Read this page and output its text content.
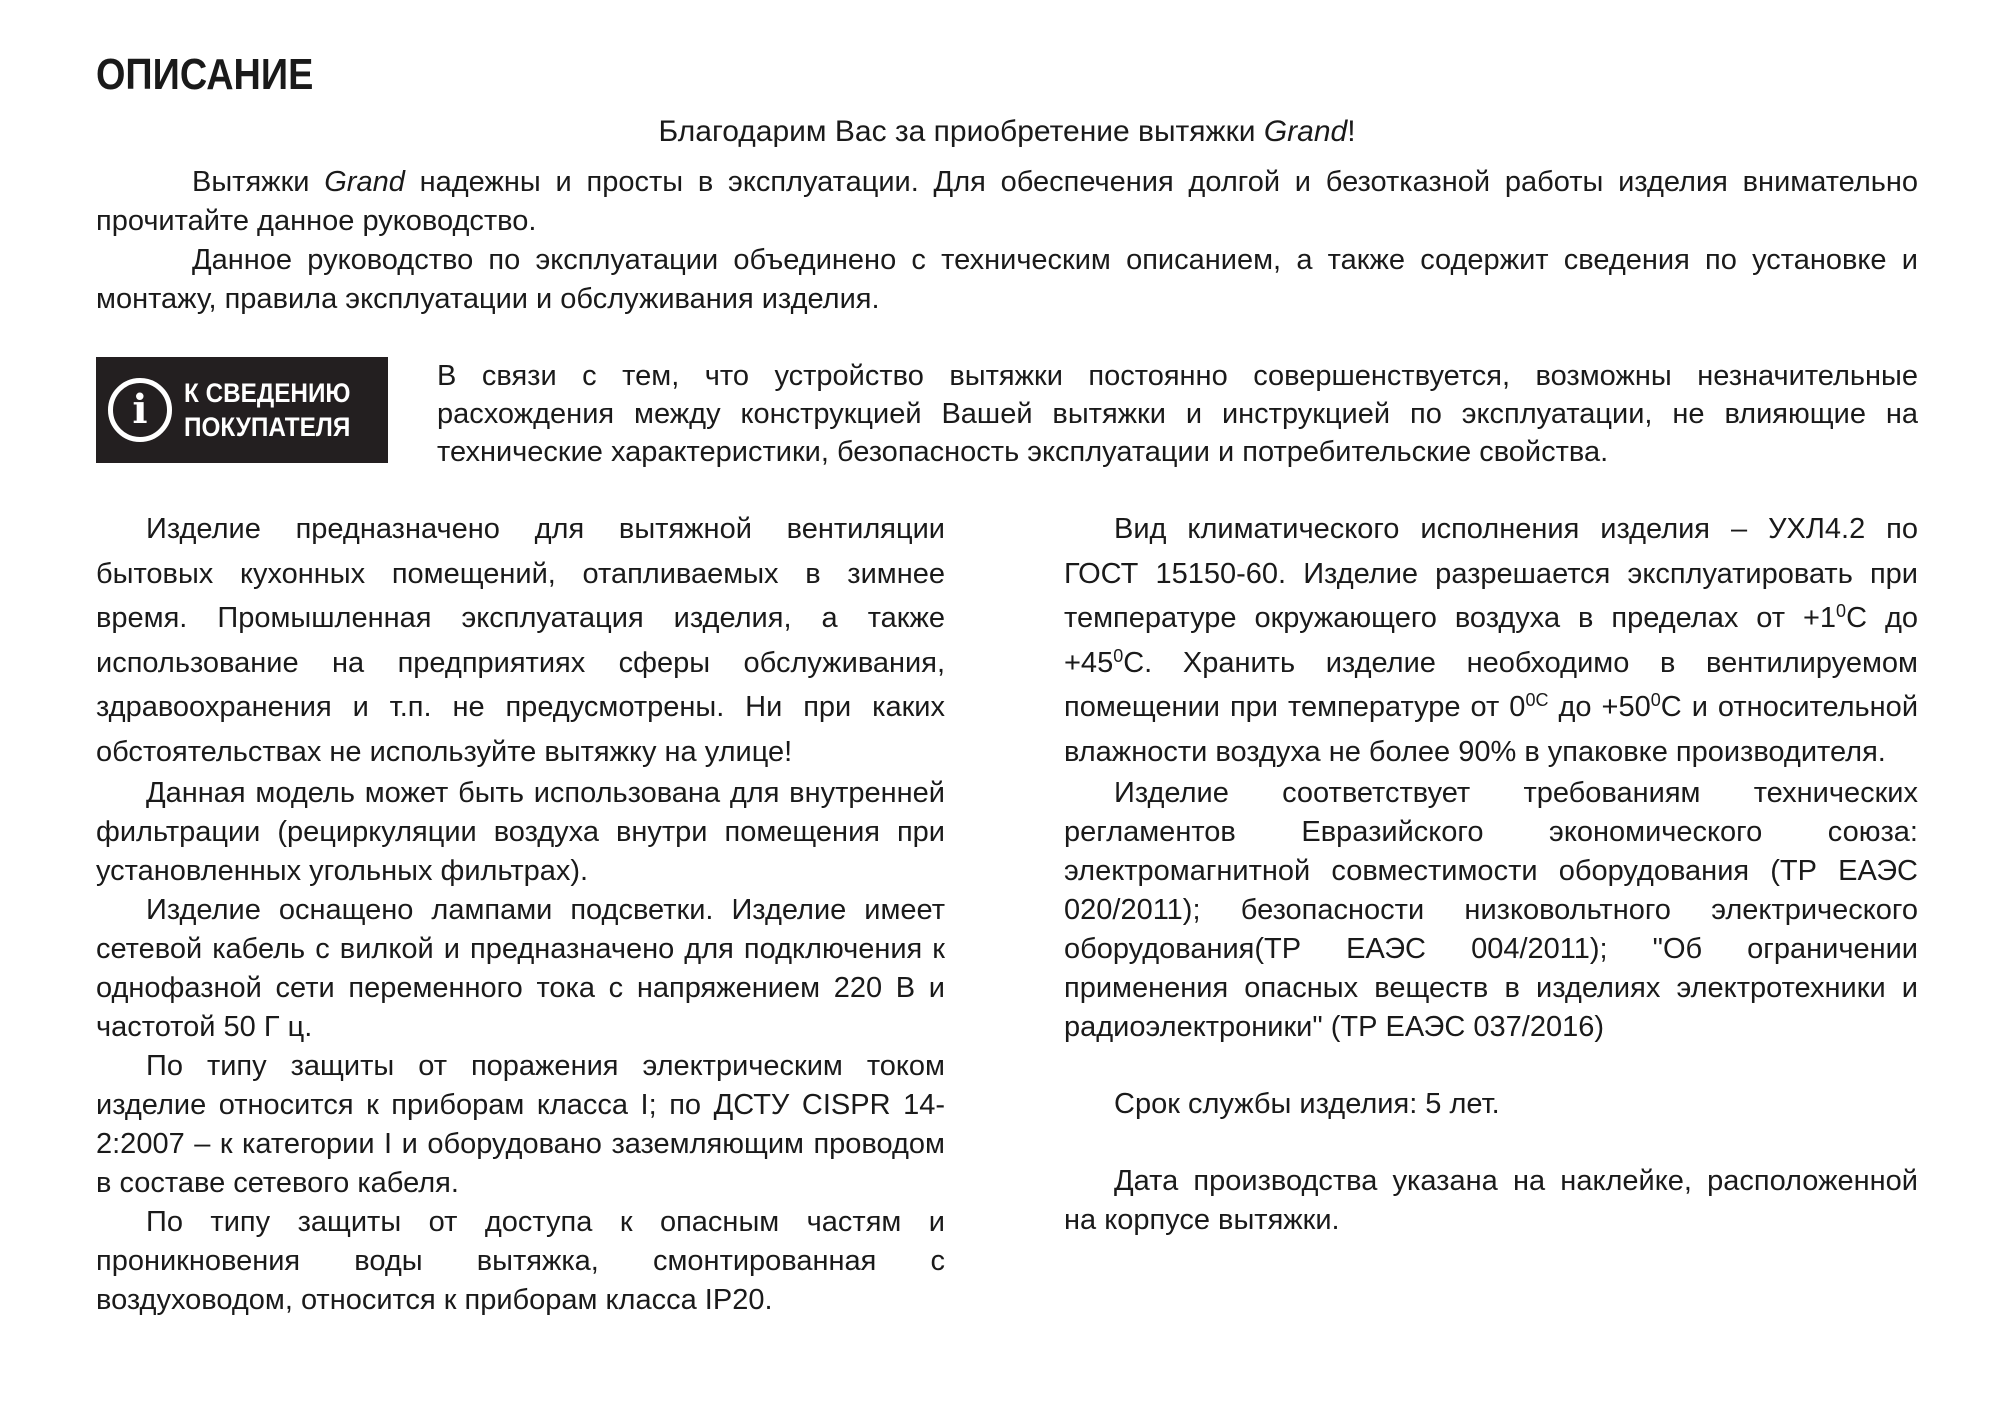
ОПИСАНИЕ
Благодарим Вас за приобретение вытяжки Grand!

Вытяжки Grand надежны и просты в эксплуатации. Для обеспечения долгой и безотказной работы изделия внимательно прочитайте данное руководство.

Данное руководство по эксплуатации объединено с техническим описанием, а также содержит сведения по установке и монтажу, правила эксплуатации и обслуживания изделия.

i	К СВЕДЕНИЮ
ПОКУПАТЕЛЯ

В связи с тем, что устройство вытяжки постоянно совершенствуется, возможны незначительные расхождения между конструкцией Вашей вытяжки и инструкцией по эксплуатации, не влияющие на технические характеристики, безопасность эксплуатации и потребительские свойства.

Изделие предназначено для вытяжной вентиляции бытовых кухонных помещений, отапливаемых в зимнее время. Промышленная эксплуатация изделия, а также использование на предприятиях сферы обслуживания, здравоохранения и т.п. не предусмотрены. Ни при каких обстоятельствах не используйте вытяжку на улице!

Данная модель может быть использована для внутренней фильтрации (рециркуляции воздуха внутри помещения при установленных угольных фильтрах).

Изделие оснащено лампами подсветки. Изделие имеет сетевой кабель с вилкой и предназначено для подключения к однофазной сети переменного тока с напряжением 220 В и частотой 50 Г ц.

По типу защиты от поражения электрическим током изделие относится к приборам класса I; по ДСТУ CISPR 14-2:2007 – к категории I и оборудовано заземляющим проводом в составе сетевого кабеля.

По типу защиты от доступа к опасным частям и проникновения воды вытяжка, смонтированная с воздуховодом, относится к приборам класса IP20.

Вид климатического исполнения изделия – УХЛ4.2 по ГОСТ 15150-60. Изделие разрешается эксплуатировать при температуре окружающего воздуха в пределах от $+1^0С$ до $+45^0С$. Хранить изделие необходимо в вентилируемом помещении при температуре от $0^{0С}$ до $+50^0С$ и относительной влажности воздуха не более 90% в упаковке производителя.

Изделие соответствует требованиям технических регламентов Евразийского экономического союза: электромагнитной совместимости оборудования (ТР ЕАЭС 020/2011); безопасности низковольтного электрического оборудования(ТР ЕАЭС 004/2011); "Об ограничении применения опасных веществ в изделиях электротехники и радиоэлектроники" (ТР ЕАЭС 037/2016)

Срок службы изделия: 5 лет.

Дата производства указана на наклейке, расположенной на корпусе вытяжки.
